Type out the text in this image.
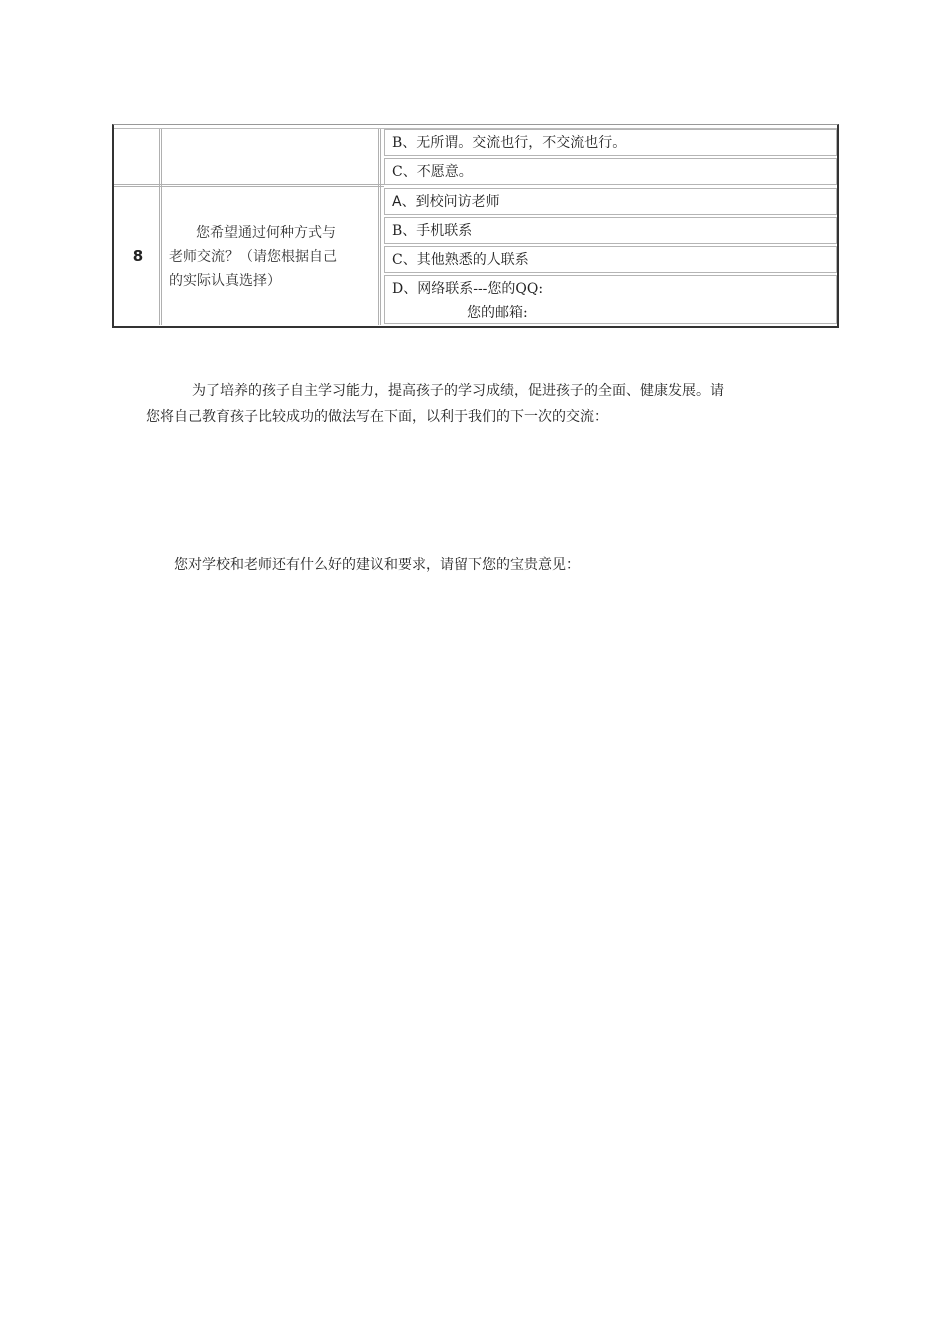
B、无所谓。交流也行，不交流也行。
C、不愿意。
8
您希望通过何种方式与
老师交流？（请您根据自己
的实际认真选择）
A、到校问访老师
B、手机联系
C、其他熟悉的人联系
D、网络联系---您的QQ:
您的邮箱:
为了培养的孩子自主学习能力，提高孩子的学习成绩，促进孩子的全面、健康发展。请
您将自己教育孩子比较成功的做法写在下面，以利于我们的下一次的交流：
您对学校和老师还有什么好的建议和要求，请留下您的宝贵意见：
